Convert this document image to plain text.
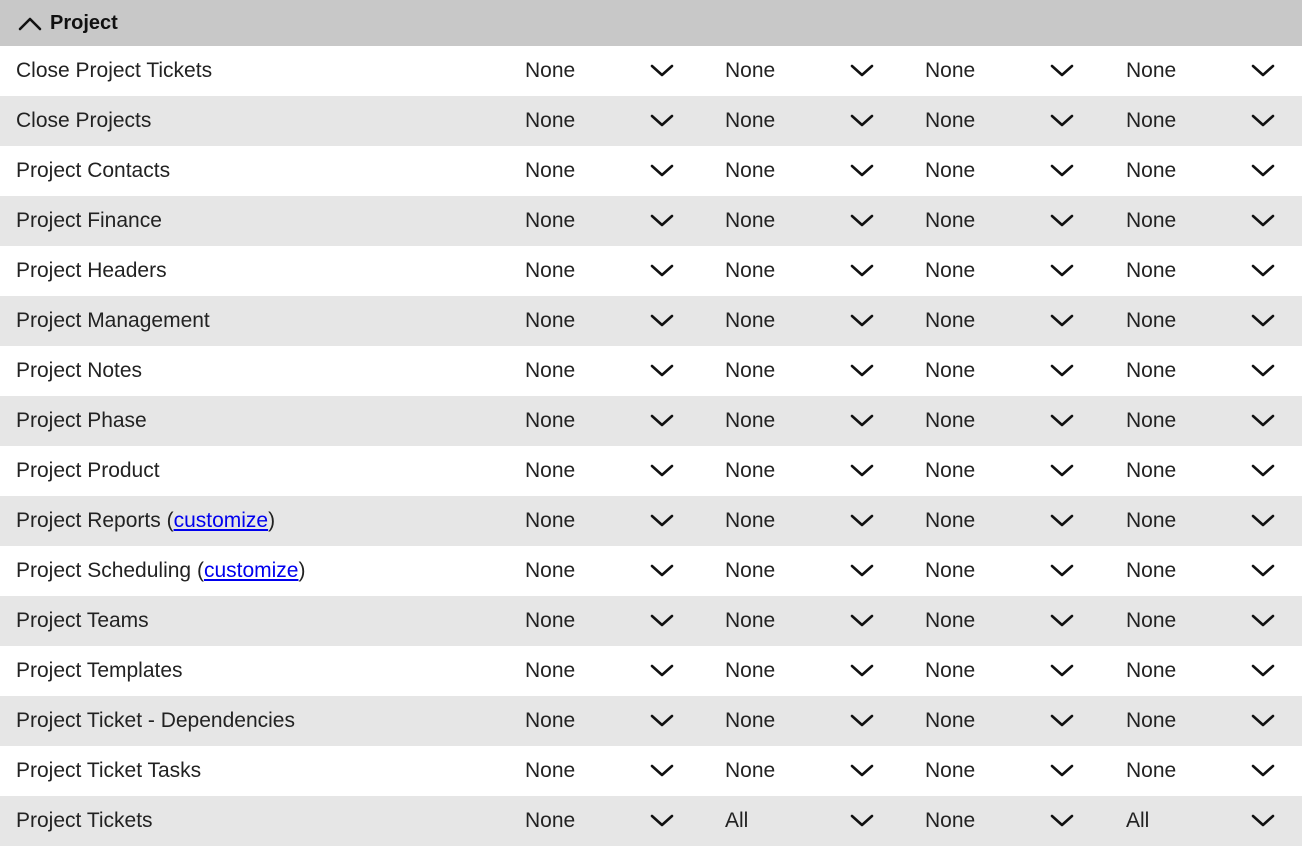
Project
Close Project Tickets	None	None	None	None
Close Projects	None	None	None	None
Project Contacts	None	None	None	None
Project Finance	None	None	None	None
Project Headers	None	None	None	None
Project Management	None	None	None	None
Project Notes	None	None	None	None
Project Phase	None	None	None	None
Project Product	None	None	None	None
Project Reports (customize)	None	None	None	None
Project Scheduling (customize)	None	None	None	None
Project Teams	None	None	None	None
Project Templates	None	None	None	None
Project Ticket - Dependencies	None	None	None	None
Project Ticket Tasks	None	None	None	None
Project Tickets	None	All	None	All
